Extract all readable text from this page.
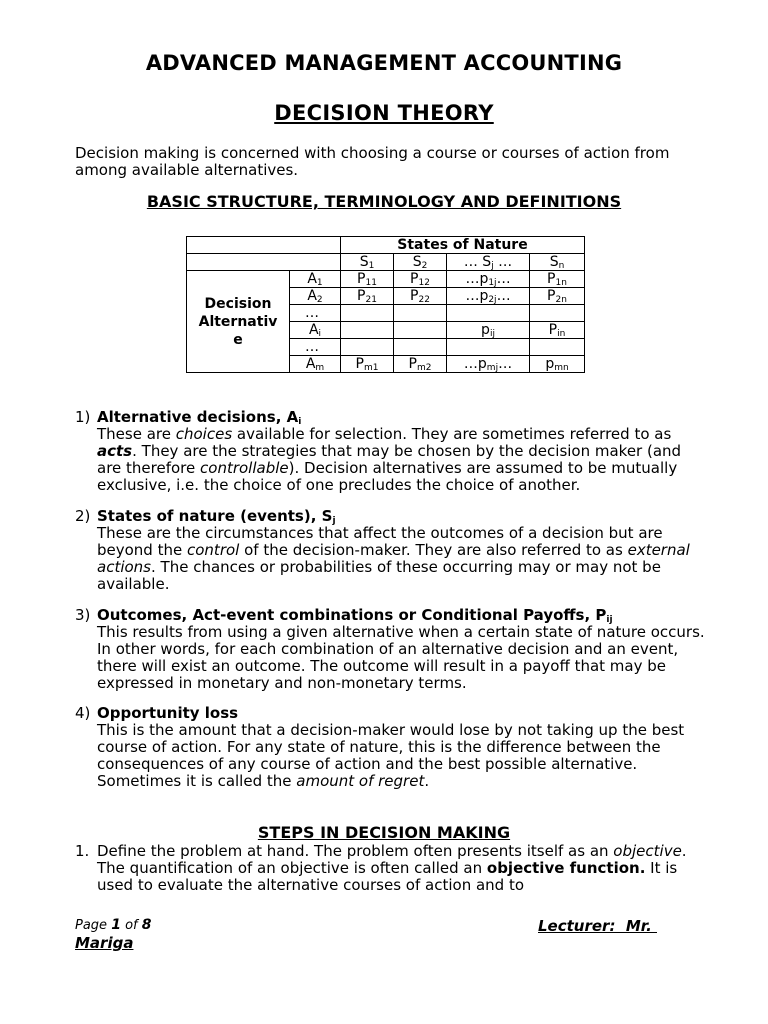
ADVANCED MANAGEMENT ACCOUNTING
DECISION THEORY
Decision making is concerned with choosing a course or courses of action from among available alternatives.
BASIC STRUCTURE, TERMINOLOGY AND DEFINITIONS
		States of Nature			
		$S_1$	$S_2$	… $S_j$ …	$S_n$
Decision
Alternativ
e	$A_1$	$P_{11}$	$P_{12}$	$\dots p_{1j}\dots$	$P_{1n}$
	$A_2$	$P_{21}$	$P_{22}$	$\dots p_{2j}\dots$	$P_{2n}$
	…				
	$A_i$			$p_{ij}$	$P_{in}$
	…				
	$A_m$	$P_{m1}$	$P_{m2}$	$\dots p_{mj}\dots$	$p_{mn}$
1) Alternative decisions, $A_i$
These are choices available for selection. They are sometimes referred to as acts. They are the strategies that may be chosen by the decision maker (and are therefore controllable). Decision alternatives are assumed to be mutually exclusive, i.e. the choice of one precludes the choice of another.
2) States of nature (events), $S_j$
These are the circumstances that affect the outcomes of a decision but are beyond the control of the decision-maker. They are also referred to as external actions. The chances or probabilities of these occurring may or may not be available.
3) Outcomes, Act-event combinations or Conditional Payoffs, $P_{ij}$
This results from using a given alternative when a certain state of nature occurs. In other words, for each combination of an alternative decision and an event, there will exist an outcome. The outcome will result in a payoff that may be expressed in monetary and non-monetary terms.
4) Opportunity loss
This is the amount that a decision-maker would lose by not taking up the best course of action. For any state of nature, this is the difference between the consequences of any course of action and the best possible alternative. Sometimes it is called the amount of regret.
STEPS IN DECISION MAKING
1. Define the problem at hand. The problem often presents itself as an objective. The quantification of an objective is often called an objective function. It is used to evaluate the alternative courses of action and to
Page 1 of 8	Lecturer:  Mr.
Mariga
